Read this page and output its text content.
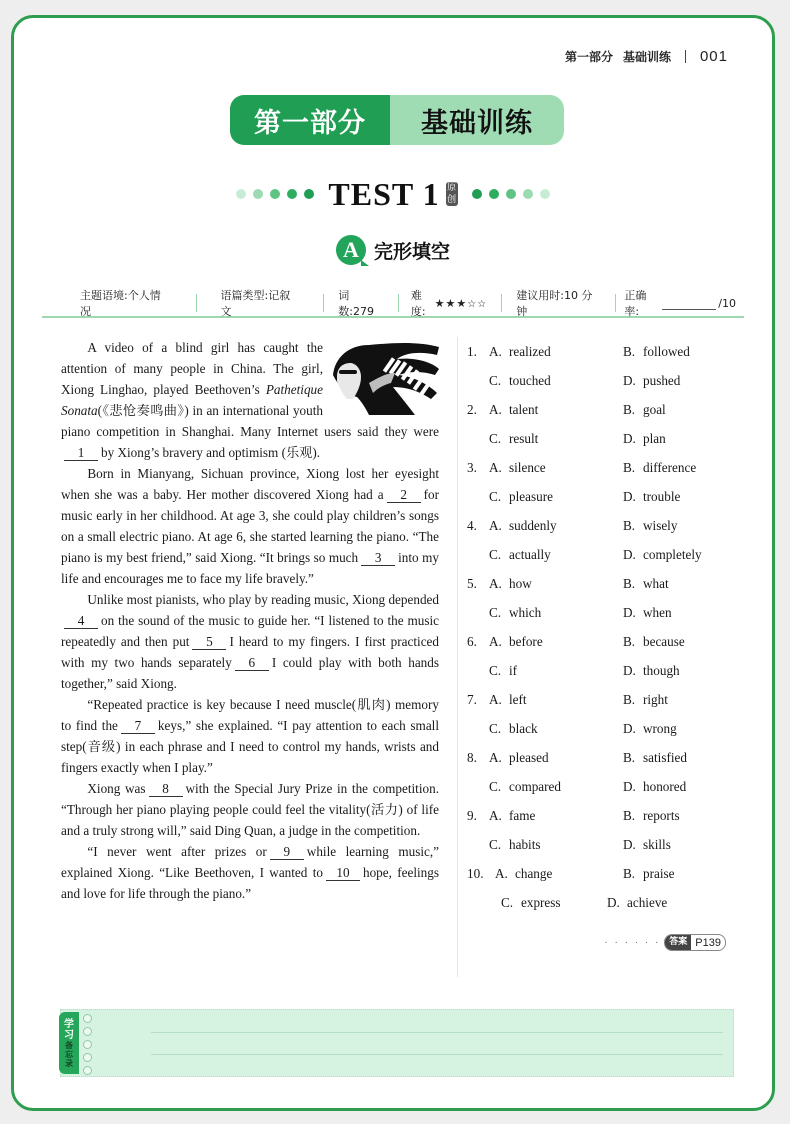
第一部分 基础训练 001
第一部分	基础训练
TEST 1 原
创
A 完形填空
主题语境:个人情况
语篇类型:记叙文
词数:279
难度:
★★★☆☆
建议用时:10 分钟
正确率:
/10

A video of a blind girl has caught the attention of many people in China. The girl, Xiong Linghao, played Beethoven’s Pathetique Sonata(《悲怆奏鸣曲》) in an international youth piano competition in Shanghai. Many Internet users said they were1 by Xiong’s bravery and optimism (乐观).

Born in Mianyang, Sichuan province, Xiong lost her eyesight when she was a baby. Her mother discovered Xiong had a 2 for music early in her childhood. At age 3, she could play children’s songs on a small electric piano. At age 6, she started learning the piano. “The piano is my best friend,” said Xiong. “It brings so much 3 into my life and encourages me to face my life bravely.”

Unlike most pianists, who play by reading music, Xiong depended4 on the sound of the music to guide her. “I listened to the music repeatedly and then put 5 I heard to my fingers. I first practiced with my two hands separately 6 I could play with both hands together,” said Xiong.

“Repeated practice is key because I need muscle(肌肉) memory to find the 7 keys,” she explained. “I pay attention to each small step(音级) in each phrase and I need to control my hands, wrists and fingers exactly when I play.”

Xiong was 8 with the Special Jury Prize in the competition. “Through her piano playing people could feel the vitality(活力) of life and a truly strong will,” said Ding Quan, a judge in the competition.

“I never went after prizes or 9 while learning music,” explained Xiong. “Like Beethoven, I wanted to 10 hope, feelings and love for life through the piano.”

1. A. realized	B. followed
C. touched	D. pushed
2. A. talent	B. goal
C. result	D. plan
3. A. silence	B. difference
C. pleasure	D. trouble
4. A. suddenly	B. wisely
C. actually	D. completely
5. A. how	B. what
C. which	D. when
6. A. before	B. because
C. if	D. though
7. A. left	B. right
C. black	D. wrong
8. A. pleased	B. satisfied
C. compared	D. honored
9. A. fame	B. reports
C. habits	D. skills
10. A. change	B. praise
C. express	D. achieve
· · · · · ·	答案 P139
学
习
备
忘
录
